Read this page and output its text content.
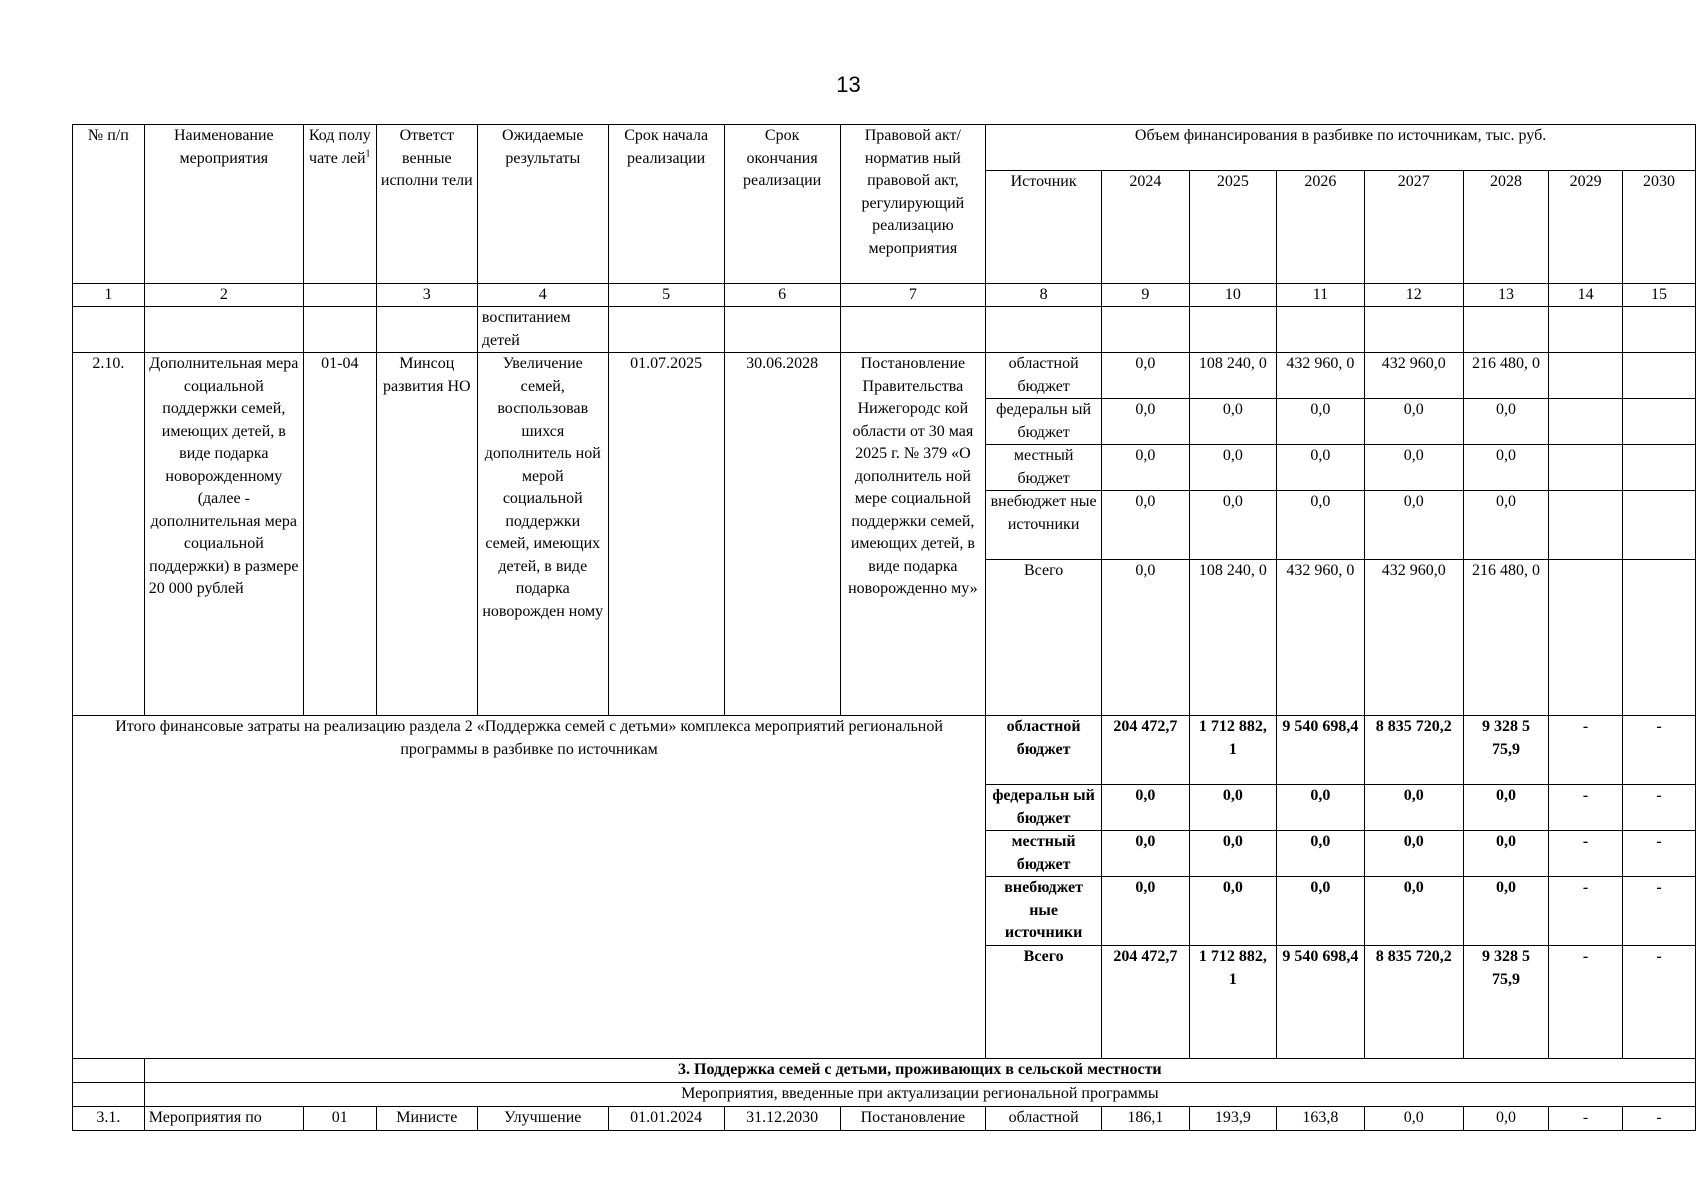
13
№ п/п	Наименование мероприятия	Код полу чате лей$^1$	Ответст венные исполни тели	Ожидаемые результаты	Срок начала реализации	Срок окончания реализации	Правовой акт/норматив ный правовой акт, регулирующий реализацию мероприятия	Объем финансирования в разбивке по источникам, тыс. руб.							
								Источник	2024	2025	2026	2027	2028	2029	2030
1	2		3	4	5	6	7	8	9	10	11	12	13	14	15
				воспитанием детей											
2.10.	Дополнительная мера социальной поддержки семей, имеющих детей, в виде подарка новорожденному (далее - дополнительная мера социальной поддержки) в размере 20 000 рублей	01-04	Минсоц развития НО	Увеличение семей, воспользовав шихся дополнитель ной мерой социальной поддержки семей, имеющих детей, в виде подарка новорожден ному	01.07.2025	30.06.2028	Постановление Правительства Нижегородс кой области от 30 мая 2025 г. № 379 «О дополнитель ной мере социальной поддержки семей, имеющих детей, в виде подарка новорожденно му»	областной бюджет	0,0	108 240, 0	432 960, 0	432 960,0	216 480, 0		
								федеральн ый бюджет	0,0	0,0	0,0	0,0	0,0		
								местный бюджет	0,0	0,0	0,0	0,0	0,0		
								внебюджет ные источники	0,0	0,0	0,0	0,0	0,0		
								Всего	0,0	108 240, 0	432 960, 0	432 960,0	216 480, 0		
Итого финансовые затраты на реализацию раздела 2 «Поддержка семей с детьми» комплекса мероприятий региональной программы в разбивке по источникам								областной бюджет	204 472,7	1 712 882, 1	9 540 698,4	8 835 720,2	9 328 5 75,9	-	-
								федеральн ый бюджет	0,0	0,0	0,0	0,0	0,0	-	-
								местный бюджет	0,0	0,0	0,0	0,0	0,0	-	-
								внебюджет ные источники	0,0	0,0	0,0	0,0	0,0	-	-
								Всего	204 472,7	1 712 882, 1	9 540 698,4	8 835 720,2	9 328 5 75,9	-	-
	3. Поддержка семей с детьми, проживающих в сельской местности														
	Мероприятия, введенные при актуализации региональной программы														
3.1.	Мероприятия по	01	Министе	Улучшение	01.01.2024	31.12.2030	Постановление	областной	186,1	193,9	163,8	0,0	0,0	-	-
